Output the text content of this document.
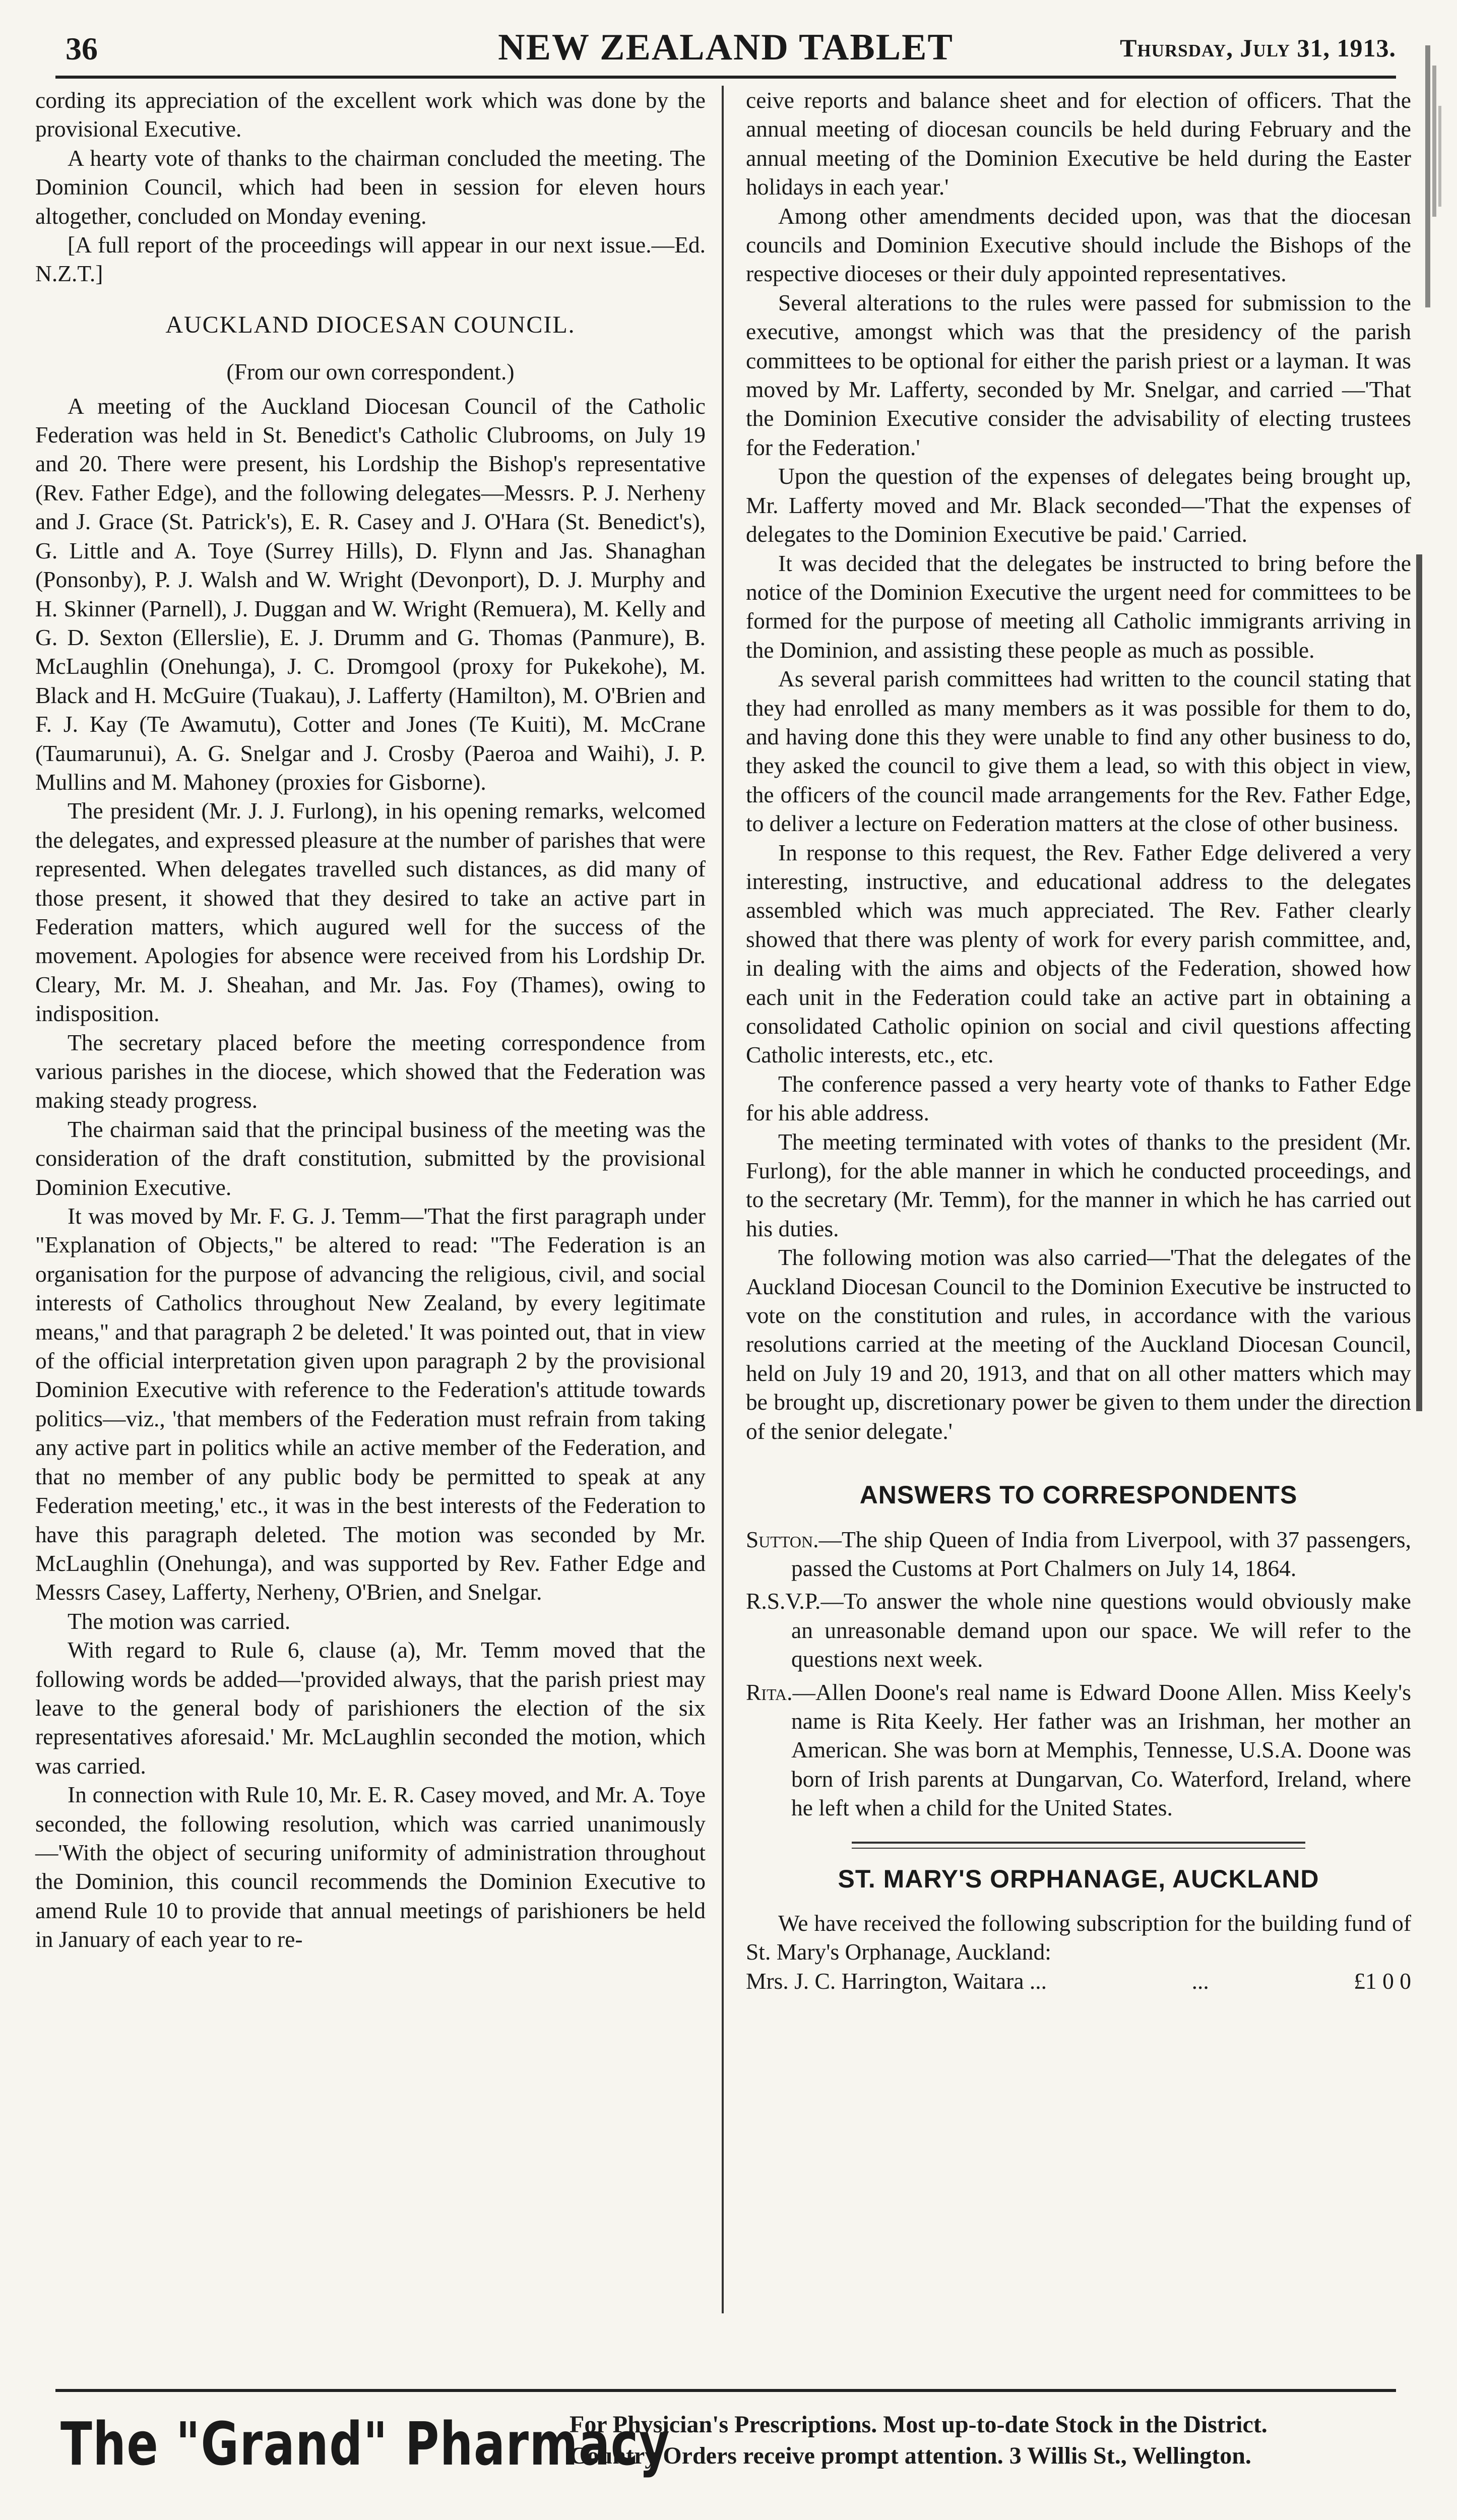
36	NEW ZEALAND TABLET	Thursday, July 31, 1913.

cording its appreciation of the excellent work which was done by the provisional Executive.

A hearty vote of thanks to the chairman concluded the meeting. The Dominion Council, which had been in session for eleven hours altogether, concluded on Monday evening.

[A full report of the proceedings will appear in our next issue.—Ed. N.Z.T.]

AUCKLAND DIOCESAN COUNCIL.

(From our own correspondent.)

A meeting of the Auckland Diocesan Council of the Catholic Federation was held in St. Benedict's Catholic Clubrooms, on July 19 and 20. There were present, his Lordship the Bishop's representative (Rev. Father Edge), and the following delegates—Messrs. P. J. Nerheny and J. Grace (St. Patrick's), E. R. Casey and J. O'Hara (St. Benedict's), G. Little and A. Toye (Surrey Hills), D. Flynn and Jas. Shanaghan (Ponsonby), P. J. Walsh and W. Wright (Devonport), D. J. Murphy and H. Skinner (Parnell), J. Duggan and W. Wright (Remuera), M. Kelly and G. D. Sexton (Ellerslie), E. J. Drumm and G. Thomas (Panmure), B. McLaughlin (Onehunga), J. C. Dromgool (proxy for Pukekohe), M. Black and H. McGuire (Tuakau), J. Lafferty (Hamilton), M. O'Brien and F. J. Kay (Te Awamutu), Cotter and Jones (Te Kuiti), M. McCrane (Taumarunui), A. G. Snelgar and J. Crosby (Paeroa and Waihi), J. P. Mullins and M. Mahoney (proxies for Gisborne).

The president (Mr. J. J. Furlong), in his opening remarks, welcomed the delegates, and expressed pleasure at the number of parishes that were represented. When delegates travelled such distances, as did many of those present, it showed that they desired to take an active part in Federation matters, which augured well for the success of the movement. Apologies for absence were received from his Lordship Dr. Cleary, Mr. M. J. Sheahan, and Mr. Jas. Foy (Thames), owing to indisposition.

The secretary placed before the meeting correspondence from various parishes in the diocese, which showed that the Federation was making steady progress.

The chairman said that the principal business of the meeting was the consideration of the draft constitution, submitted by the provisional Dominion Executive.

It was moved by Mr. F. G. J. Temm—'That the first paragraph under "Explanation of Objects," be altered to read: "The Federation is an organisation for the purpose of advancing the religious, civil, and social interests of Catholics throughout New Zealand, by every legitimate means," and that paragraph 2 be deleted.' It was pointed out, that in view of the official interpretation given upon paragraph 2 by the provisional Dominion Executive with reference to the Federation's attitude towards politics—viz., 'that members of the Federation must refrain from taking any active part in politics while an active member of the Federation, and that no member of any public body be permitted to speak at any Federation meeting,' etc., it was in the best interests of the Federation to have this paragraph deleted. The motion was seconded by Mr. McLaughlin (Onehunga), and was supported by Rev. Father Edge and Messrs Casey, Lafferty, Nerheny, O'Brien, and Snelgar.

The motion was carried.

With regard to Rule 6, clause (a), Mr. Temm moved that the following words be added—'provided always, that the parish priest may leave to the general body of parishioners the election of the six representatives aforesaid.' Mr. McLaughlin seconded the motion, which was carried.

In connection with Rule 10, Mr. E. R. Casey moved, and Mr. A. Toye seconded, the following resolution, which was carried unanimously—'With the object of securing uniformity of administration throughout the Dominion, this council recommends the Dominion Executive to amend Rule 10 to provide that annual meetings of parishioners be held in January of each year to re-

ceive reports and balance sheet and for election of officers. That the annual meeting of diocesan councils be held during February and the annual meeting of the Dominion Executive be held during the Easter holidays in each year.'

Among other amendments decided upon, was that the diocesan councils and Dominion Executive should include the Bishops of the respective dioceses or their duly appointed representatives.

Several alterations to the rules were passed for submission to the executive, amongst which was that the presidency of the parish committees to be optional for either the parish priest or a layman. It was moved by Mr. Lafferty, seconded by Mr. Snelgar, and carried —'That the Dominion Executive consider the advisability of electing trustees for the Federation.'

Upon the question of the expenses of delegates being brought up, Mr. Lafferty moved and Mr. Black seconded—'That the expenses of delegates to the Dominion Executive be paid.' Carried.

It was decided that the delegates be instructed to bring before the notice of the Dominion Executive the urgent need for committees to be formed for the purpose of meeting all Catholic immigrants arriving in the Dominion, and assisting these people as much as possible.

As several parish committees had written to the council stating that they had enrolled as many members as it was possible for them to do, and having done this they were unable to find any other business to do, they asked the council to give them a lead, so with this object in view, the officers of the council made arrangements for the Rev. Father Edge, to deliver a lecture on Federation matters at the close of other business.

In response to this request, the Rev. Father Edge delivered a very interesting, instructive, and educational address to the delegates assembled which was much appreciated. The Rev. Father clearly showed that there was plenty of work for every parish committee, and, in dealing with the aims and objects of the Federation, showed how each unit in the Federation could take an active part in obtaining a consolidated Catholic opinion on social and civil questions affecting Catholic interests, etc., etc.

The conference passed a very hearty vote of thanks to Father Edge for his able address.

The meeting terminated with votes of thanks to the president (Mr. Furlong), for the able manner in which he conducted proceedings, and to the secretary (Mr. Temm), for the manner in which he has carried out his duties.

The following motion was also carried—'That the delegates of the Auckland Diocesan Council to the Dominion Executive be instructed to vote on the constitution and rules, in accordance with the various resolutions carried at the meeting of the Auckland Diocesan Council, held on July 19 and 20, 1913, and that on all other matters which may be brought up, discretionary power be given to them under the direction of the senior delegate.'

ANSWERS TO CORRESPONDENTS

Sutton.—The ship Queen of India from Liverpool, with 37 passengers, passed the Customs at Port Chalmers on July 14, 1864.

R.S.V.P.—To answer the whole nine questions would obviously make an unreasonable demand upon our space. We will refer to the questions next week.

Rita.—Allen Doone's real name is Edward Doone Allen. Miss Keely's name is Rita Keely. Her father was an Irishman, her mother an American. She was born at Memphis, Tennesse, U.S.A. Doone was born of Irish parents at Dungarvan, Co. Waterford, Ireland, where he left when a child for the United States.

ST. MARY'S ORPHANAGE, AUCKLAND

We have received the following subscription for the building fund of St. Mary's Orphanage, Auckland:

Mrs. J. C. Harrington, Waitara ...	...	£1 0 0
The "Grand" Pharmacy
For Physician's Prescriptions. Most up-to-date Stock in the District.
Country Orders receive prompt attention. 3 Willis St., Wellington.
